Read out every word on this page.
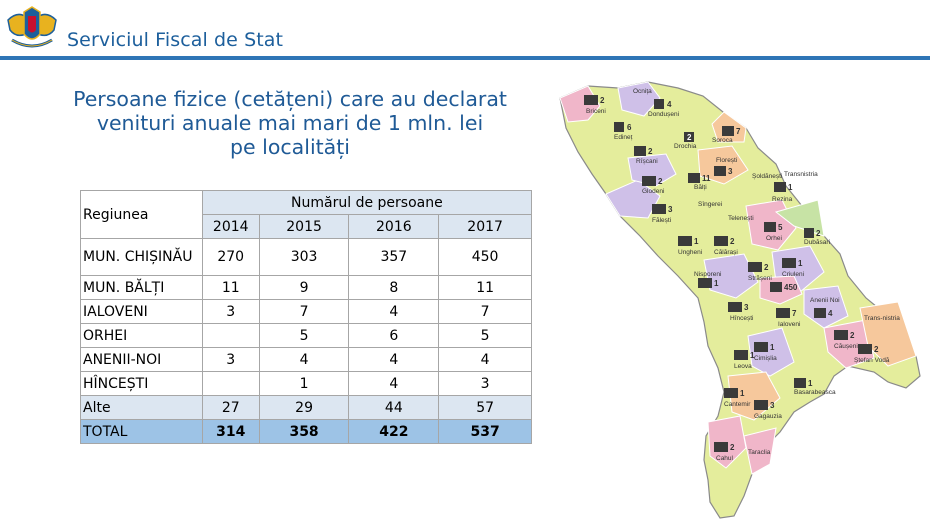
Serviciul Fiscal de Stat
Persoane fizice (cetățeni) care au declarat
venituri anuale mai mari de 1 mln. lei
pe localități
Regiunea	Numărul de persoane			
	2014	2015	2016	2017
MUN. CHIȘINĂU	270	303	357	450
MUN. BĂLȚI	11	9	8	11
IALOVENI	3	7	4	7
ORHEI		5	6	5
ANENII-NOI	3	4	4	4
HÎNCEȘTI		1	4	3
Alte	27	29	44	57
TOTAL	314	358	422	537
2
Briceni
Ocnița
4
Dondușeni
6
Edineț
2
Rîșcani
2
Drochia
7
Soroca
2
Glodeni
11
Bălți
Florești
3
Șoldănești
1
Rezina
Transnistria
3
Fălești
Sîngerei
Telenești
5
Orhei
2
Dubăsari
1
Ungheni
2
Călărași
2
Strășeni
1
Criuleni
1
Nisporeni
450
Anenii Noi
4
3
Hîncești
7
Ialoveni
2
Căușeni
Trans-nistria
2
Ștefan Vodă
1
Leova
1
Cimișlia
1
Basarabeasca
1
Cantemir 3
Gagauzia
2
Cahul
Taraclia
